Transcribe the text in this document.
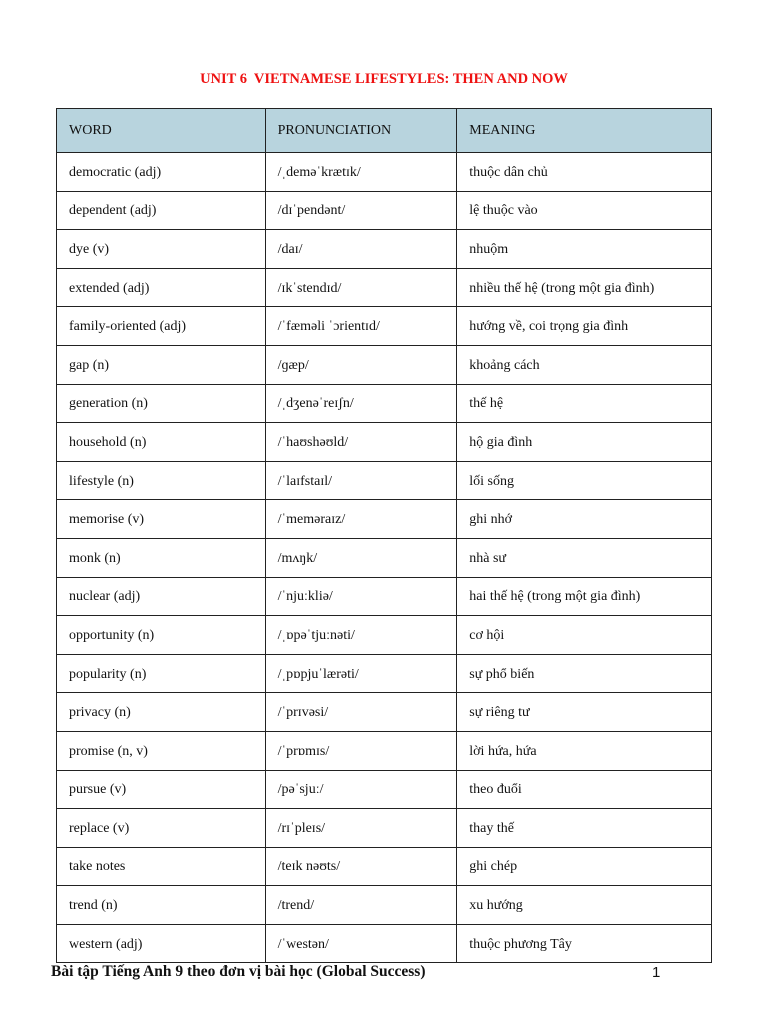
UNIT 6  VIETNAMESE LIFESTYLES: THEN AND NOW
WORD	PRONUNCIATION	MEANING
democratic (adj)	/ˌdeməˈkrætɪk/	thuộc dân chủ
dependent (adj)	/dɪˈpendənt/	lệ thuộc vào
dye (v)	/daɪ/	nhuộm
extended (adj)	/ɪkˈstendɪd/	nhiều thế hệ (trong một gia đình)
family-oriented (adj)	/ˈfæməli ˈɔrientɪd/	hướng về, coi trọng gia đình
gap (n)	/ɡæp/	khoảng cách
generation (n)	/ˌdʒenəˈreɪʃn/	thế hệ
household (n)	/ˈhaʊshəʊld/	hộ gia đình
lifestyle (n)	/ˈlaɪfstaɪl/	lối sống
memorise (v)	/ˈmeməraɪz/	ghi nhớ
monk (n)	/mʌŋk/	nhà sư
nuclear (adj)	/ˈnjuːkliə/	hai thế hệ (trong một gia đình)
opportunity (n)	/ˌɒpəˈtjuːnəti/	cơ hội
popularity (n)	/ˌpɒpjuˈlærəti/	sự phổ biến
privacy (n)	/ˈprɪvəsi/	sự riêng tư
promise (n, v)	/ˈprɒmɪs/	lời hứa, hứa
pursue (v)	/pəˈsjuː/	theo đuổi
replace (v)	/rɪˈpleɪs/	thay thế
take notes	/teɪk nəʊts/	ghi chép
trend (n)	/trend/	xu hướng
western (adj)	/ˈwestən/	thuộc phương Tây
Bài tập Tiếng Anh 9 theo đơn vị bài học (Global Success)	1
